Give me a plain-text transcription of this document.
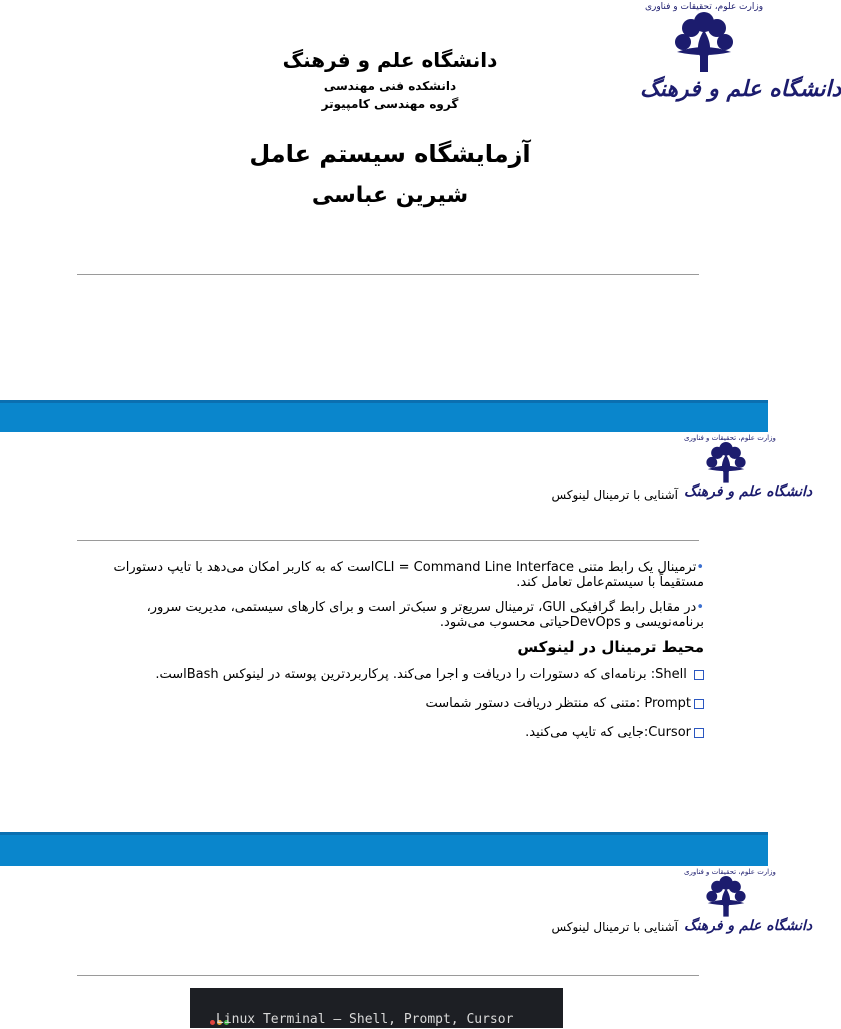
وزارت علوم، تحقیقات و فناوری
دانشگاه علم و فرهنگ
دانشگاه علم و فرهنگ
دانشکده فنی مهندسی
گروه مهندسی کامپیوتر
آزمایشگاه سیستم عامل
شیرین عباسی
وزارت علوم، تحقیقات و فناوری
دانشگاه علم و فرهنگ
آشنایی با ترمینال لینوکس

•ترمینال یک رابط متنی CLI = Command Line Interfaceاست که به کاربر امکان می‌دهد با تایپ دستورات مستقیماً با سیستم‌عامل تعامل کند.

•در مقابل رابط گرافیکی GUI، ترمینال سریع‌تر و سبک‌تر است و برای کارهای سیستمی، مدیریت سرور، برنامه‌نویسی و DevOpsحیاتی محسوب می‌شود.

محیط ترمینال در لینوکس
Shell: برنامه‌ای که دستورات را دریافت و اجرا می‌کند. پرکاربردترین پوسته در لینوکس Bashاست.
Prompt :متنی که منتظر دریافت دستور شماست
Cursor:جایی که تایپ می‌کنید.
وزارت علوم، تحقیقات و فناوری
دانشگاه علم و فرهنگ
آشنایی با ترمینال لینوکس
Linux Terminal — Shell, Prompt, Cursor
